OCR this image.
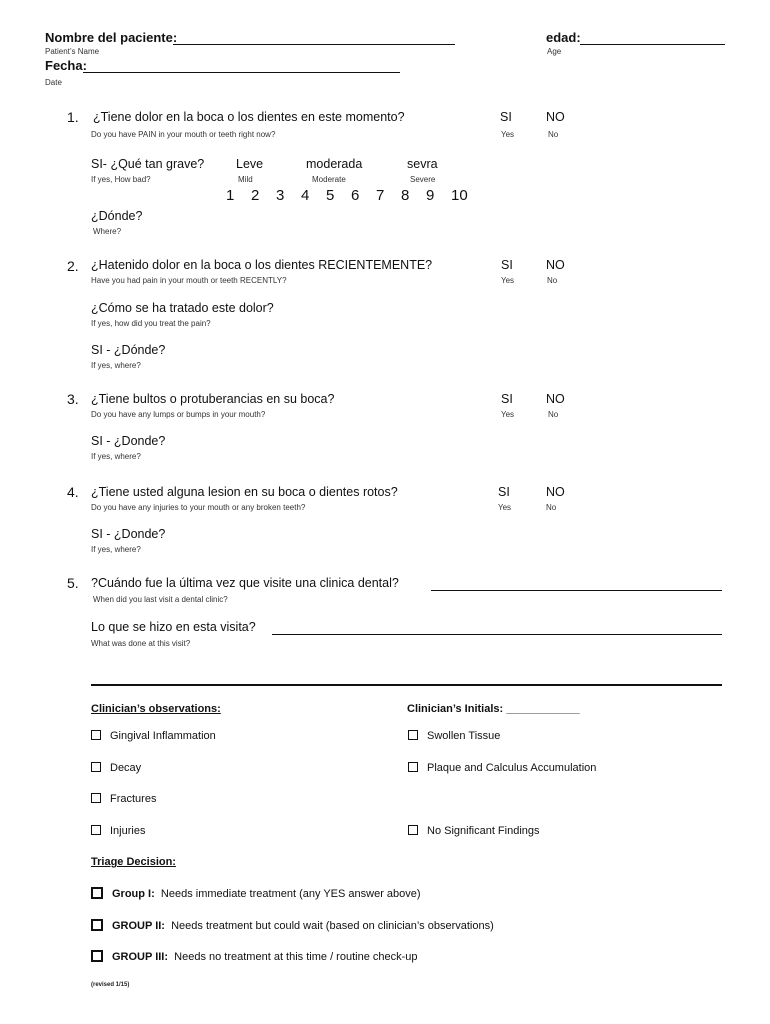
Nombre del paciente:
Patient’s Name
edad:
Age
Fecha:
Date
1. ¿Tiene dolor en la boca o los dientes en este momento?
Do you have PAIN in your mouth or teeth right now?
SI	NO
Yes	No
SI- ¿Qué tan grave?
If yes, How bad?
Leve
Mild
moderada
Moderate
sevra
Severe
1 2 3 4 5 6 7 8 9 10
¿Dónde?
Where?
2. ¿Hatenido dolor en la boca o los dientes RECIENTEMENTE?
Have you had pain in your mouth or teeth RECENTLY?
SI	NO
Yes	No
¿Cómo se ha tratado este dolor?
If yes, how did you treat the pain?
SI - ¿Dónde?
If yes, where?
3. ¿Tiene bultos o protuberancias en su boca?
Do you have any lumps or bumps in your mouth?
SI	NO
Yes	No
SI - ¿Donde?
If yes, where?
4. ¿Tiene usted alguna lesion en su boca o dientes rotos?
Do you have any injuries to your mouth or any broken teeth?
SI	NO
Yes	No
SI - ¿Donde?
If yes, where?
5. ?Cuándo fue la última vez que visite una clinica dental?
When did you last visit a dental clinic?
Lo que se hizo en esta visita?
What was done at this visit?
Clinician’s observations:	Clinician’s Initials: ____________
Gingival Inflammation
Decay
Fractures
Injuries
Swollen Tissue
Plaque and Calculus Accumulation
No Significant Findings
Triage Decision:
Group I: Needs immediate treatment (any YES answer above)
GROUP II: Needs treatment but could wait (based on clinician’s observations)
GROUP III: Needs no treatment at this time / routine check-up
(revised 1/15)
